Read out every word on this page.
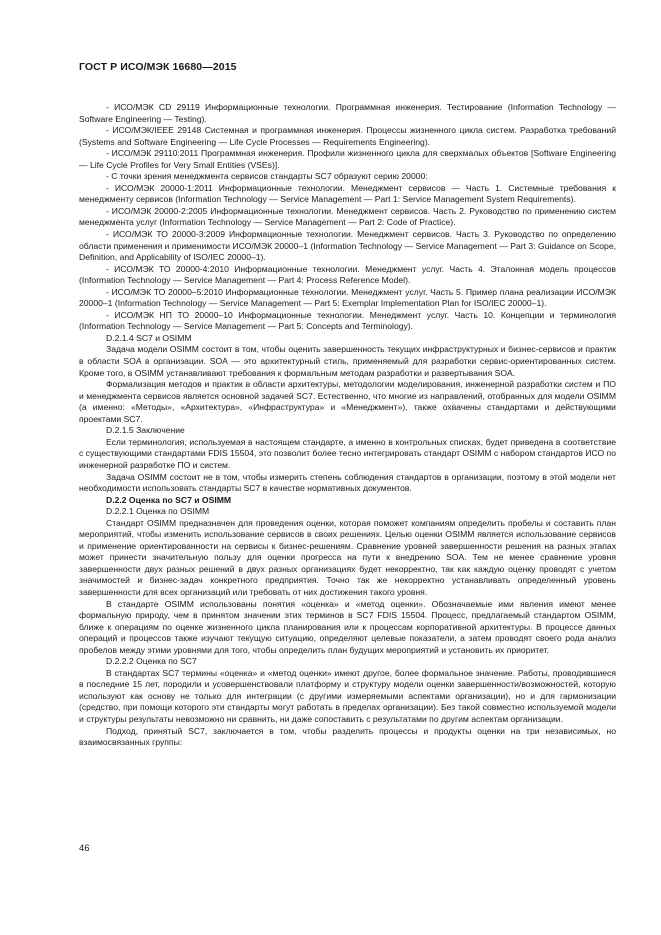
ГОСТ Р ИСО/МЭК 16680—2015

- ИСО/МЭК CD 29119 Информационные технологии. Программная инженерия. Тестирование (Information Technology — Software Engineering — Testing).

- ИСО/МЭК/IEEE 29148 Системная и программная инженерия. Процессы жизненного цикла систем. Разработка требований (Systems and Software Engineering — Life Cycle Processes — Requirements Engineering).

- ИСО/МЭК 29110:2011 Программная инженерия. Профили жизненного цикла для сверхмалых объектов [Software Engineering — Life Cycle Profiles for Very Small Entities (VSEs)].

- С точки зрения менеджмента сервисов стандарты SC7 образуют серию 20000:

- ИСО/МЭК 20000-1:2011 Информационные технологии. Менеджмент сервисов — Часть 1. Системные требования к менеджменту сервисов (Information Technology — Service Management — Part 1: Service Management System Requirements).

- ИСО/МЭК 20000-2:2005 Информационные технологии. Менеджмент сервисов. Часть 2. Руководство по применению систем менеджмента услуг (Information Technology — Service Management — Part 2: Code of Practice).

- ИСО/МЭК ТО 20000-3:2009 Информационные технологии. Менеджмент сервисов. Часть 3. Руководство по определению области применения и применимости ИСО/МЭК 20000–1 (Information Technology — Service Management — Part 3: Guidance on Scope, Definition, and Applicability of ISO/IEC 20000–1).

- ИСО/МЭК ТО 20000-4:2010 Информационные технологии. Менеджмент услуг. Часть 4. Эталонная модель процессов (Information Technology — Service Management — Part 4: Process Reference Model).

- ИСО/МЭК ТО 20000–5:2010 Информационные технологии. Менеджмент услуг. Часть 5. Пример плана реализации ИСО/МЭК 20000–1 (Information Technology — Service Management — Part 5: Exemplar Implementation Plan for ISO/IEC 20000–1).

- ИСО/МЭК НП ТО 20000–10 Информационные технологии. Менеджмент услуг. Часть 10. Концепции и терминология (Information Technology — Service Management — Part 5: Concepts and Terminology).

D.2.1.4 SC7 и OSIMM

Задача модели OSIMM состоит в том, чтобы оценить завершенность текущих инфраструктурных и бизнес-сервисов и практик в области SOA в организации. SOA — это архитектурный стиль, применяемый для разработки сервис-ориентированных систем. Кроме того, в OSIMM устанавливают требования к формальным методам разработки и развертывания SOA.

Формализация методов и практик в области архитектуры, методологии моделирования, инженерной разработки систем и ПО и менеджмента сервисов является основной задачей SC7. Естественно, что многие из направлений, отобранных для модели OSIMM (а именно: «Методы», «Архитектура», «Инфраструктура» и «Менеджмент»), также охвачены стандартами и действующими проектами SC7.

D.2.1.5 Заключение

Если терминология, используемая в настоящем стандарте, а именно в контрольных списках, будет приведена в соответствие с существующими стандартами FDIS 15504, это позволит более тесно интегрировать стандарт OSIMM с набором стандартов ИСО по инженерной разработке ПО и систем.

Задача OSIMM состоит не в том, чтобы измерить степень соблюдения стандартов в организации, поэтому в этой модели нет необходимости использовать стандарты SC7 в качестве нормативных документов.

D.2.2 Оценка по SC7 и OSIMM

D.2.2.1 Оценка по OSIMM

Стандарт OSIMM предназначен для проведения оценки, которая поможет компаниям определить пробелы и составить план мероприятий, чтобы изменить использование сервисов в своих решениях. Целью оценки OSIMM является использование сервисов и применение ориентированности на сервисы к бизнес-решениям. Сравнение уровней завершенности решения на разных этапах может принести значительную пользу для оценки прогресса на пути к внедрению SOA. Тем не менее сравнение уровня завершенности двух разных решений в двух разных организациях будет некорректно, так как каждую оценку проводят с учетом значимостей и бизнес-задач конкретного предприятия. Точно так же некорректно устанавливать определенный уровень завершенности для всех организаций или требовать от них достижения такого уровня.

В стандарте OSIMM использованы понятия «оценка» и «метод оценки». Обозначаемые ими явления имеют менее формальную природу, чем в принятом значении этих терминов в SC7 FDIS 15504. Процесс, предлагаемый стандартом OSIMM, ближе к операциям по оценке жизненного цикла планирования или к процессам корпоративной архитектуры. В процессе данных операций и процессов также изучают текущую ситуацию, определяют целевые показатели, а затем проводят своего рода анализ пробелов между этими уровнями для того, чтобы определить план будущих мероприятий и установить их приоритет.

D.2.2.2 Оценка по SC7

В стандартах SC7 термины «оценка» и «метод оценки» имеют другое, более формальное значение. Работы, проводившиеся в последние 15 лет, породили и усовершенствовали платформу и структуру модели оценки завершенности/возможностей, которую используют как основу не только для интеграции (с другими измеряемыми аспектами организации), но и для гармонизации (средство, при помощи которого эти стандарты могут работать в пределах организации). Без такой совместно используемой модели и структуры результаты невозможно ни сравнить, ни даже сопоставить с результатами по другим аспектам организации.

Подход, принятый SC7, заключается в том, чтобы разделить процессы и продукты оценки на три независимых, но взаимосвязанных группы:

46
